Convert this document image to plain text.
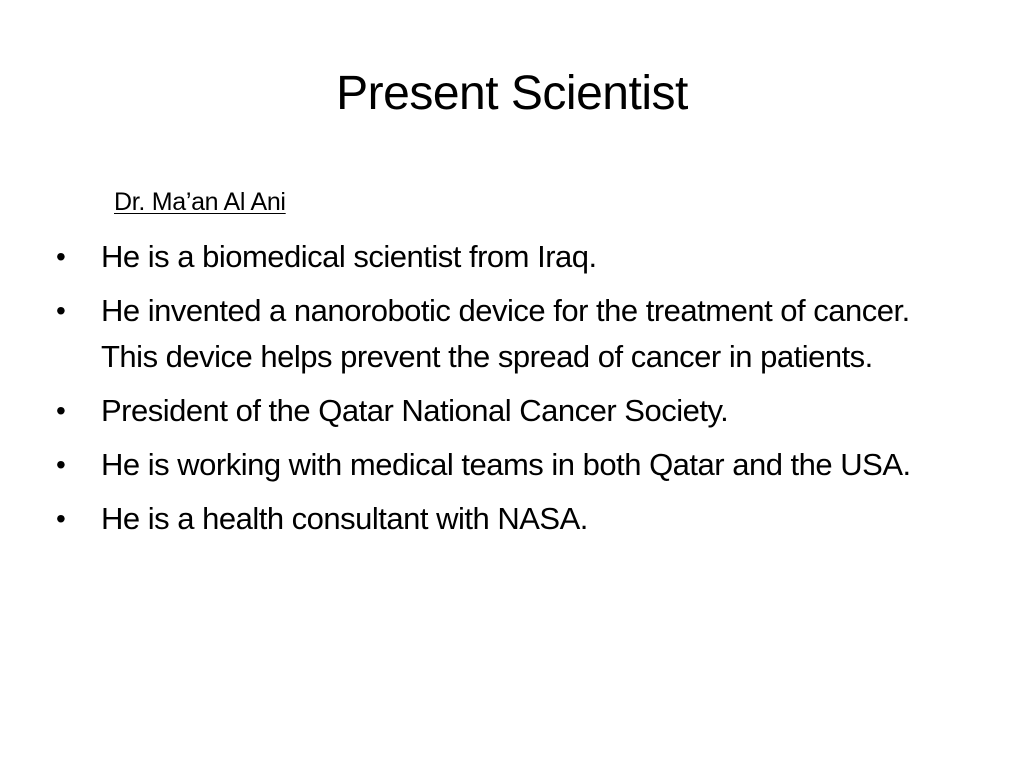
Present Scientist
Dr. Ma’an Al Ani
• He is a biomedical scientist from Iraq.
• He invented a nanorobotic device for the treatment of cancer. This device helps prevent the spread of cancer in patients.
• President of the Qatar National Cancer Society.
• He is working with medical teams in both Qatar and the USA.
• He is a health consultant with NASA.
